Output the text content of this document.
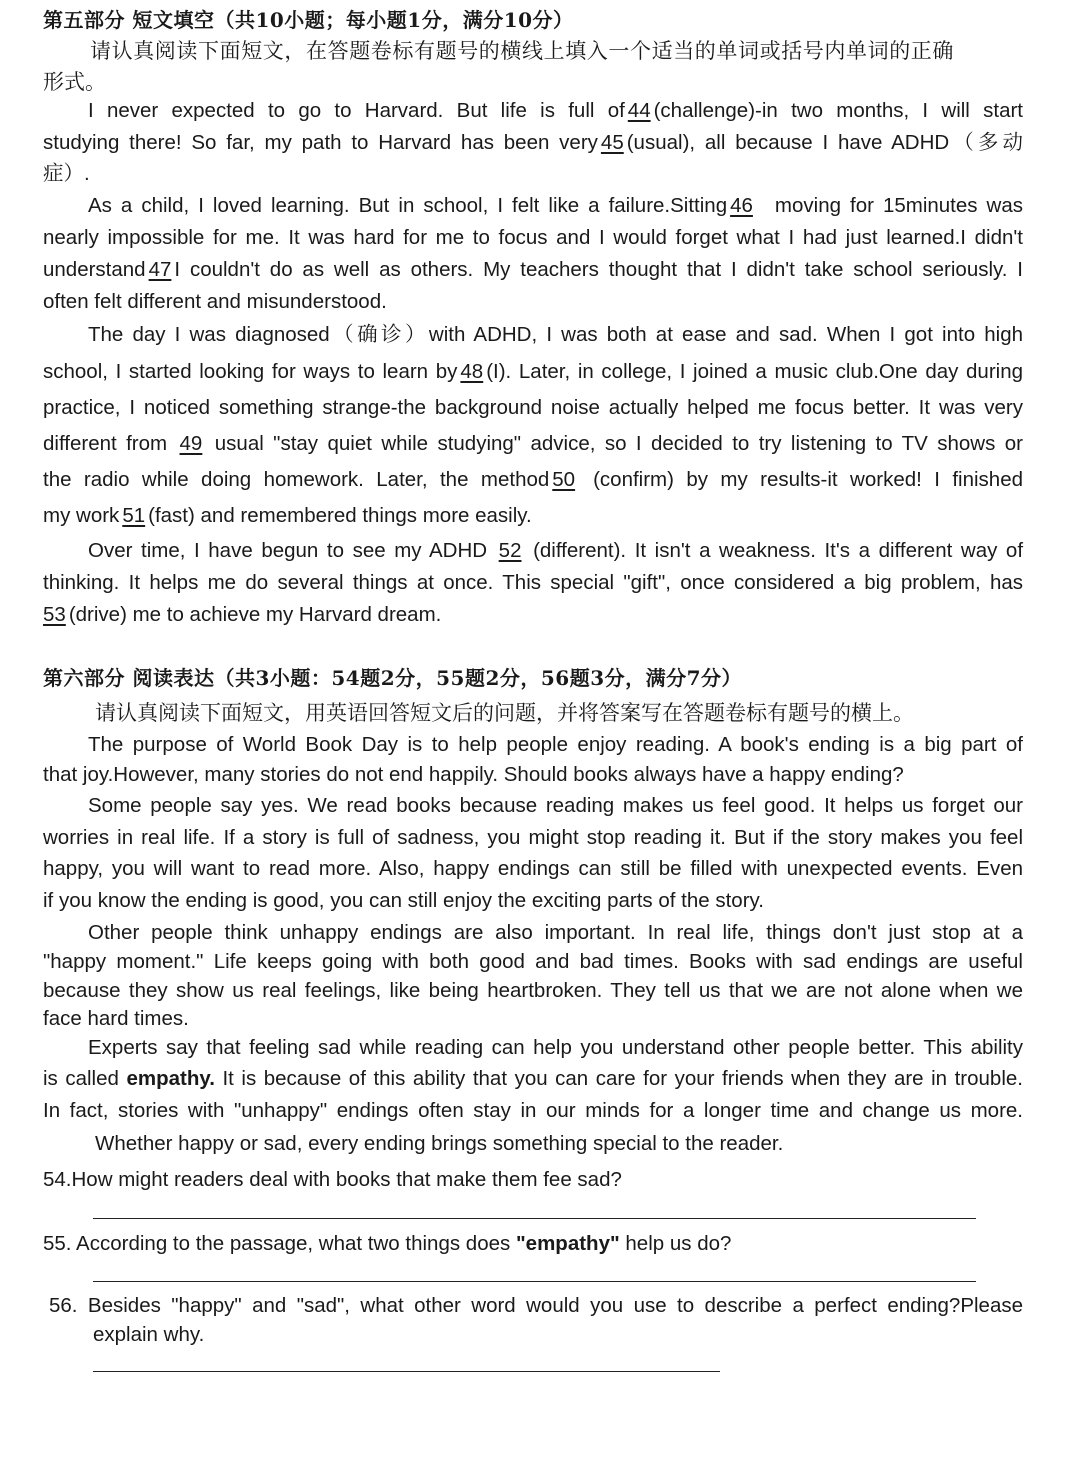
第五部分 短文填空（共10小题；每小题1分，满分10分）
请认真阅读下面短文，在答题卷标有题号的横线上填入一个适当的单词或括号内单词的正确
形式。
I never expected to go to Harvard. But life is full of 44 (challenge)-in two months, I will start
studying there! So far, my path to Harvard has been very 45 (usual), all because I have ADHD（多动
症）.
As a child, I loved learning. But in school, I felt like a failure.Sitting 46 moving for 15minutes was
nearly impossible for me. It was hard for me to focus and I would forget what I had just learned.I didn't
understand 47 I couldn't do as well as others. My teachers thought that I didn't take school seriously. I
often felt different and misunderstood.
The day I was diagnosed（确诊）with ADHD, I was both at ease and sad. When I got into high
school, I started looking for ways to learn by 48 (I). Later, in college, I joined a music club.One day during
practice, I noticed something strange-the background noise actually helped me focus better. It was very
different from 49 usual "stay quiet while studying" advice, so I decided to try listening to TV shows or
the radio while doing homework. Later, the method 50 (confirm) by my results-it worked! I finished
my work 51 (fast) and remembered things more easily.
Over time, I have begun to see my ADHD 52 (different). It isn't a weakness. It's a different way of
thinking. It helps me do several things at once. This special "gift", once considered a big problem, has
53 (drive) me to achieve my Harvard dream.
第六部分 阅读表达（共3小题：54题2分，55题2分，56题3分，满分7分）
请认真阅读下面短文，用英语回答短文后的问题，并将答案写在答题卷标有题号的横上。
The purpose of World Book Day is to help people enjoy reading. A book's ending is a big part of
that joy.However, many stories do not end happily. Should books always have a happy ending?
Some people say yes. We read books because reading makes us feel good. It helps us forget our
worries in real life. If a story is full of sadness, you might stop reading it. But if the story makes you feel
happy, you will want to read more. Also, happy endings can still be filled with unexpected events. Even
if you know the ending is good, you can still enjoy the exciting parts of the story.
Other people think unhappy endings are also important. In real life, things don't just stop at a
"happy moment." Life keeps going with both good and bad times. Books with sad endings are useful
because they show us real feelings, like being heartbroken. They tell us that we are not alone when we
face hard times.
Experts say that feeling sad while reading can help you understand other people better. This ability
is called empathy. It is because of this ability that you can care for your friends when they are in trouble.
In fact, stories with "unhappy" endings often stay in our minds for a longer time and change us more.
Whether happy or sad, every ending brings something special to the reader.
54.How might readers deal with books that make them fee sad?
55. According to the passage, what two things does "empathy" help us do?
56. Besides "happy" and "sad", what other word would you use to describe a perfect ending?Please
explain why.
